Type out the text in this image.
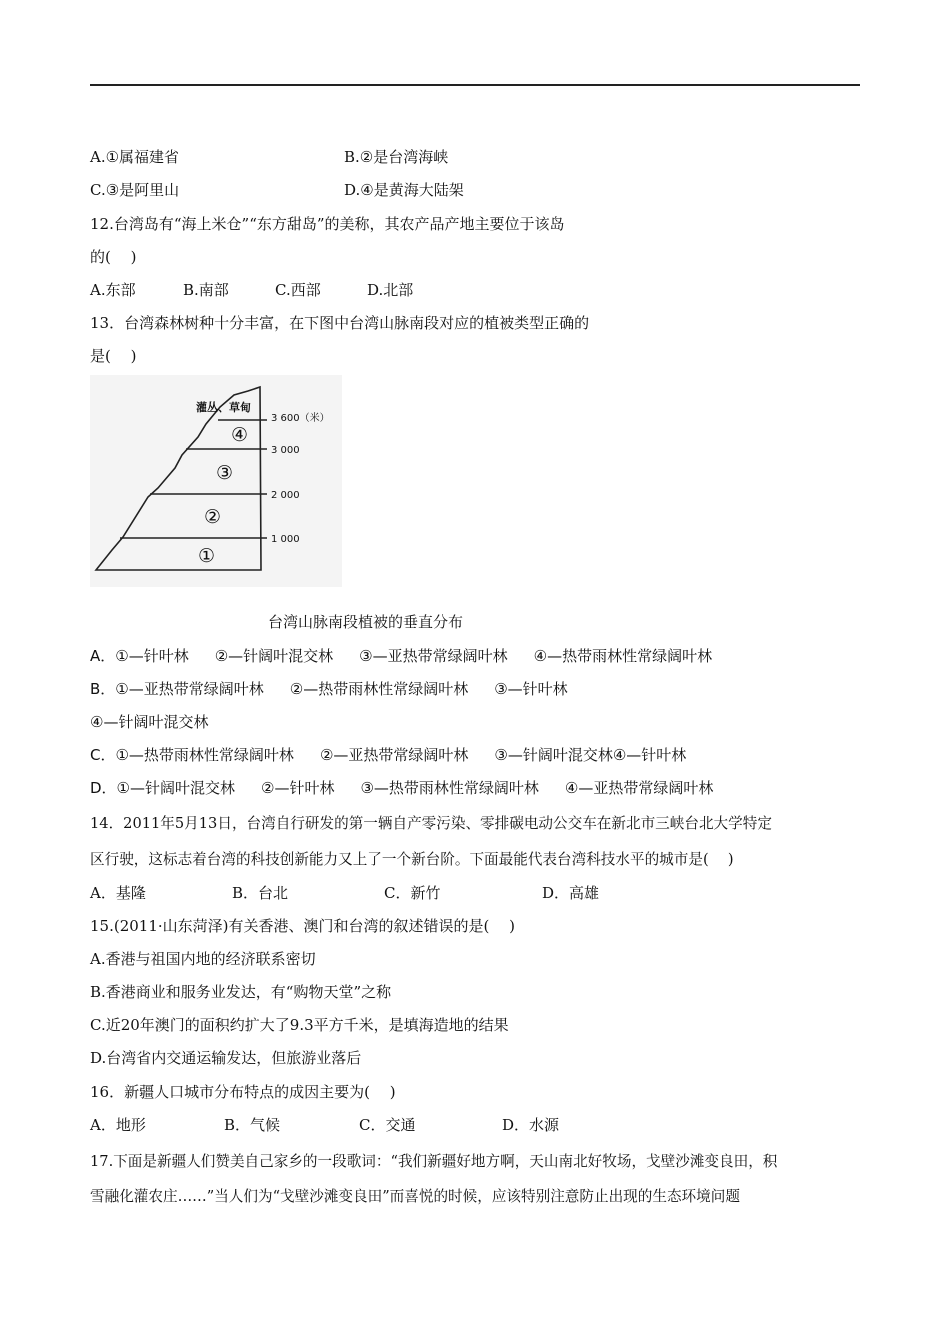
A.①属福建省	B.②是台湾海峡
C.③是阿里山	D.④是黄海大陆架
12.台湾岛有“海上米仓”“东方甜岛”的美称，其农产品产地主要位于该岛
的(　 )
A.东部	B.南部	C.西部	D.北部
13．台湾森林树种十分丰富，在下图中台湾山脉南段对应的植被类型正确的
是(　 )
1 000
2 000
3 000
3 600（米）
①
②
③
④
灌丛、草甸
台湾山脉南段植被的垂直分布
A．①—针叶林 ②—针阔叶混交林 ③—亚热带常绿阔叶林 ④—热带雨林性常绿阔叶林
B．①—亚热带常绿阔叶林 ②—热带雨林性常绿阔叶林 ③—针叶林
④—针阔叶混交林
C．①—热带雨林性常绿阔叶林 ②—亚热带常绿阔叶林 ③—针阔叶混交林④—针叶林
D．①—针阔叶混交林 ②—针叶林 ③—热带雨林性常绿阔叶林 ④—亚热带常绿阔叶林
14．2011年5月13日，台湾自行研发的第一辆自产零污染、零排碳电动公交车在新北市三峡台北大学特定
区行驶，这标志着台湾的科技创新能力又上了一个新台阶。下面最能代表台湾科技水平的城市是(　 )
A．基隆	B．台北	C．新竹	D．高雄
15.(2011·山东菏泽)有关香港、澳门和台湾的叙述错误的是(　 )
A.香港与祖国内地的经济联系密切
B.香港商业和服务业发达，有“购物天堂”之称
C.近20年澳门的面积约扩大了9.3平方千米，是填海造地的结果
D.台湾省内交通运输发达，但旅游业落后
16．新疆人口城市分布特点的成因主要为(　 )
A．地形	B．气候	C．交通	D．水源
17.下面是新疆人们赞美自己家乡的一段歌词：“我们新疆好地方啊，天山南北好牧场，戈壁沙滩变良田，积
雪融化灌农庄……”当人们为“戈壁沙滩变良田”而喜悦的时候，应该特别注意防止出现的生态环境问题
